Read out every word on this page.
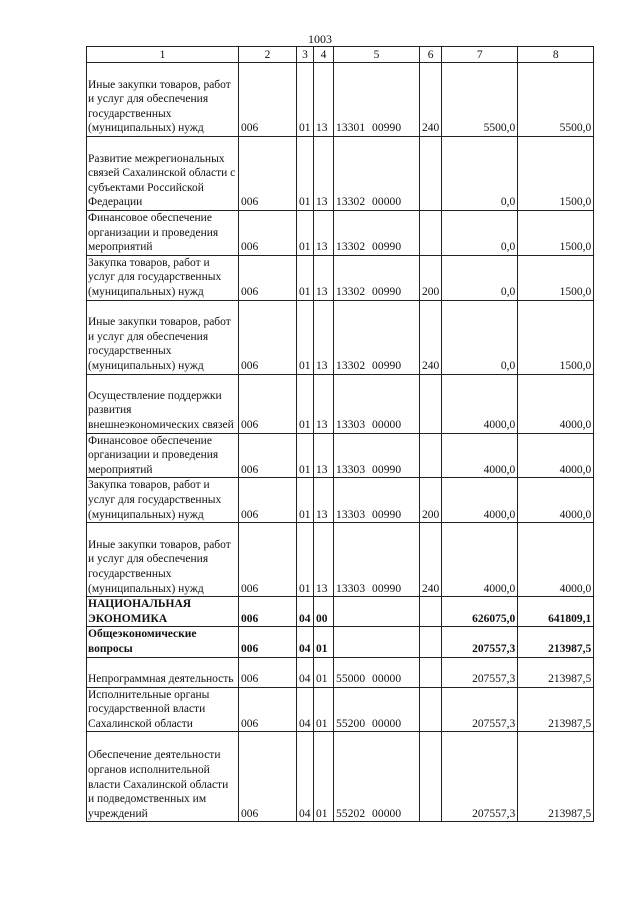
1003
1	2	3	4	5	6	7	8
Иные закупки товаров, работ и услуг для обеспечения государственных (муниципальных) нужд	006	01	13	13301 00990	240	5500,0	5500,0
Развитие межрегиональных связей Сахалинской области с субъектами Российской Федерации	006	01	13	13302 00000		0,0	1500,0
Финансовое обеспечение организации и проведения мероприятий	006	01	13	13302 00990		0,0	1500,0
Закупка товаров, работ и услуг для государственных (муниципальных) нужд	006	01	13	13302 00990	200	0,0	1500,0
Иные закупки товаров, работ и услуг для обеспечения государственных (муниципальных) нужд	006	01	13	13302 00990	240	0,0	1500,0
Осуществление поддержки развития внешнеэкономических связей	006	01	13	13303 00000		4000,0	4000,0
Финансовое обеспечение организации и проведения мероприятий	006	01	13	13303 00990		4000,0	4000,0
Закупка товаров, работ и услуг для государственных (муниципальных) нужд	006	01	13	13303 00990	200	4000,0	4000,0
Иные закупки товаров, работ и услуг для обеспечения государственных (муниципальных) нужд	006	01	13	13303 00990	240	4000,0	4000,0
НАЦИОНАЛЬНАЯ ЭКОНОМИКА	006	04	00			626075,0	641809,1
Общеэкономические вопросы	006	04	01			207557,3	213987,5
Непрограммная деятельность	006	04	01	55000 00000		207557,3	213987,5
Исполнительные органы государственной власти Сахалинской области	006	04	01	55200 00000		207557,3	213987,5
Обеспечение деятельности органов исполнительной власти Сахалинской области и подведомственных им учреждений	006	04	01	55202 00000		207557,3	213987,5
